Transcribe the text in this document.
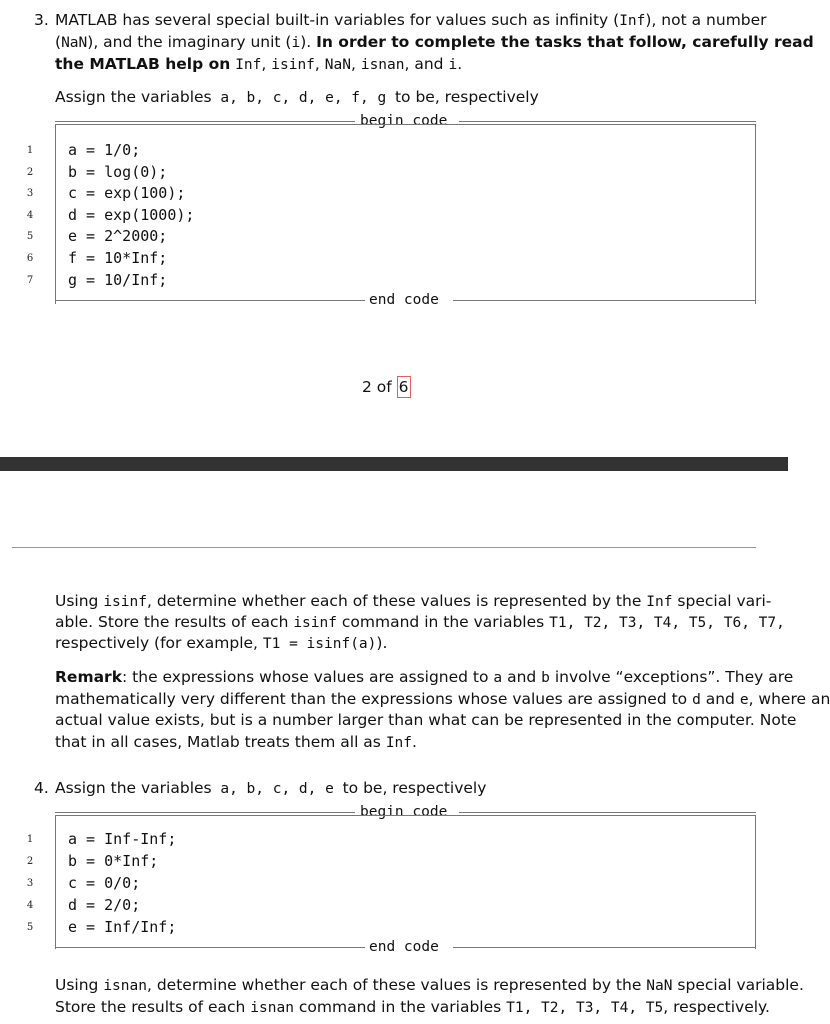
3. MATLAB has several special built-in variables for values such as infinity (Inf), not a number
(NaN), and the imaginary unit (i). In order to complete the tasks that follow, carefully read
the MATLAB help on Inf, isinf, NaN, isnan, and i.
Assign the variables a, b, c, d, e, f, g to be, respectively
begin code
end code
1
2
3
4
5
6
7
a = 1/0;
b = log(0);
c = exp(100);
d = exp(1000);
e = 2^2000;
f = 10*Inf;
g = 10/Inf;
2 of 6
Using isinf, determine whether each of these values is represented by the Inf special vari-
able. Store the results of each isinf command in the variables T1, T2, T3, T4, T5, T6, T7,
respectively (for example, T1 = isinf(a)).
Remark: the expressions whose values are assigned to a and b involve “exceptions”. They are
mathematically very different than the expressions whose values are assigned to d and e, where an
actual value exists, but is a number larger than what can be represented in the computer. Note
that in all cases, Matlab treats them all as Inf.
4. Assign the variables a, b, c, d, e to be, respectively
begin code
end code
1
2
3
4
5
a = Inf-Inf;
b = 0*Inf;
c = 0/0;
d = 2/0;
e = Inf/Inf;
Using isnan, determine whether each of these values is represented by the NaN special variable.
Store the results of each isnan command in the variables T1, T2, T3, T4, T5, respectively.
